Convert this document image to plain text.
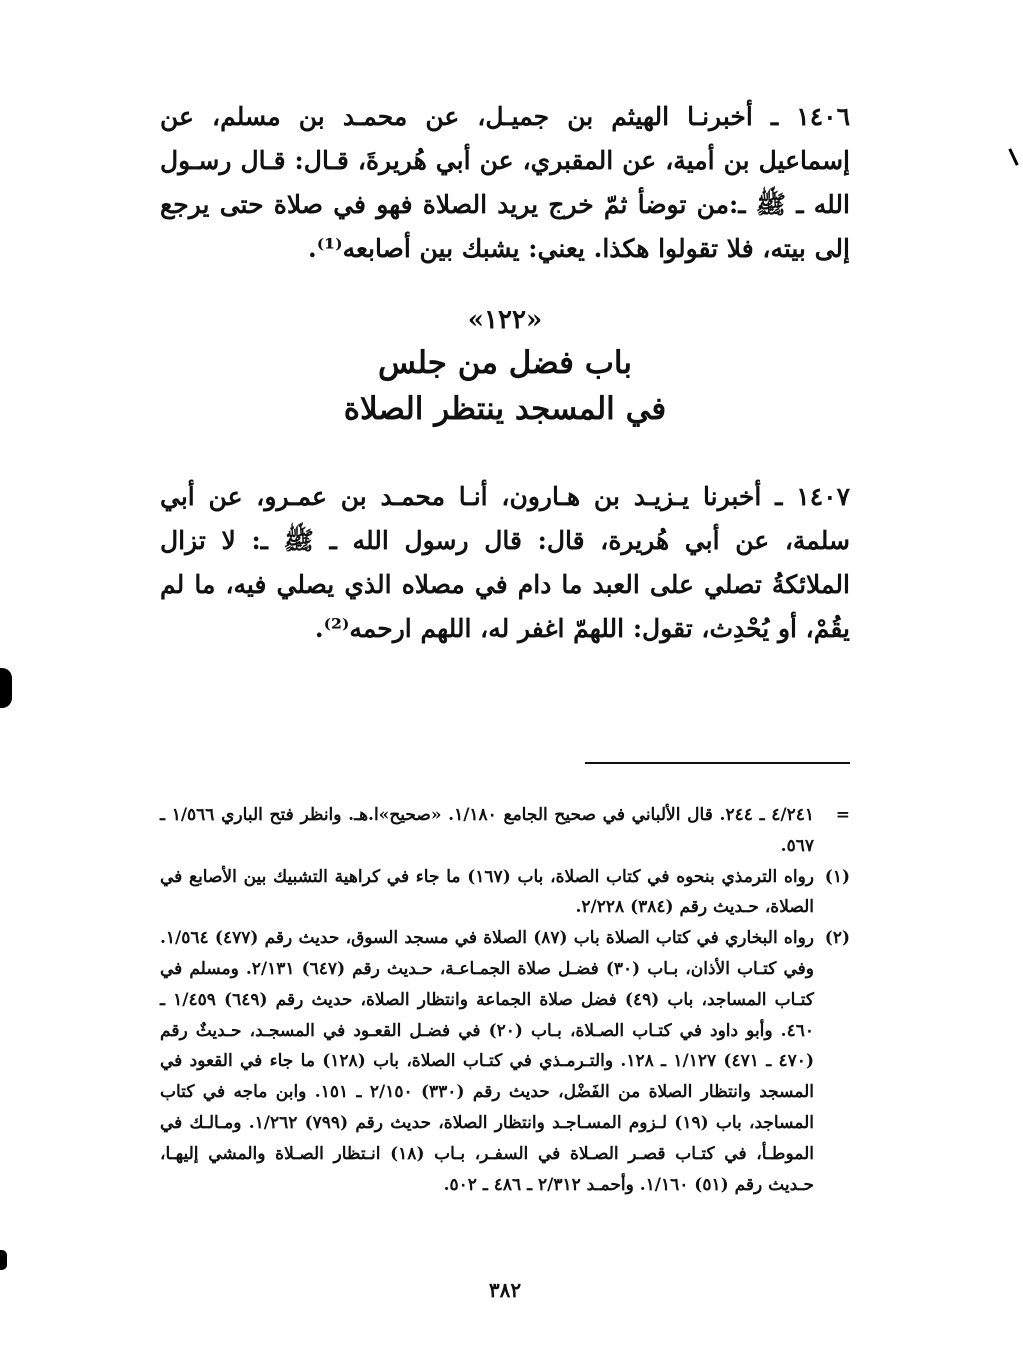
١٤٠٦ ـ أخبرنـا الهيثم بن جميـل، عن محمـد بن مسلم، عن إسماعيل بن أمية، عن المقبري، عن أبي هُريرةَ، قـال: قـال رسـول الله ـ ﷺ ـ:من توضأ ثمّ خرج يريد الصلاة فهو في صلاة حتى يرجع إلى بيته، فلا تقولوا هكذا. يعني: يشبك بين أصابعه⁽¹⁾.

«١٢٢»
باب فضل من جلس
في المسجد ينتظر الصلاة

١٤٠٧ ـ أخبرنا يـزيـد بن هـارون، أنـا محمـد بن عمـرو، عن أبي سلمة، عن أبي هُريرة، قال: قال رسول الله ـ ﷺ ـ: لا تزال الملائكةُ تصلي على العبد ما دام في مصلاه الذي يصلي فيه، ما لم يقُمْ، أو يُحْدِث، تقول: اللهمّ اغفر له، اللهم ارحمه⁽²⁾.

=
٤/٢٤١ ـ ٢٤٤. قال الألباني في صحيح الجامع ١/١٨٠. «صحيح»ا.هـ. وانظر فتح الباري ١/٥٦٦ ـ ٥٦٧.
(١)
رواه الترمذي بنحوه في كتاب الصلاة، باب (١٦٧) ما جاء في كراهية التشبيك بين الأصابع في الصلاة، حـديث رقم (٣٨٤) ٢/٢٢٨.
(٢)
رواه البخاري في كتاب الصلاة باب (٨٧) الصلاة في مسجد السوق، حديث رقم (٤٧٧) ١/٥٦٤. وفي كتـاب الأذان، بـاب (٣٠) فضـل صلاة الجمـاعـة، حـديث رقم (٦٤٧) ٢/١٣١. ومسلم في كتـاب المساجد، باب (٤٩) فضل صلاة الجماعة وانتظار الصلاة، حديث رقم (٦٤٩) ١/٤٥٩ ـ ٤٦٠. وأبو داود في كتـاب الصـلاة، بـاب (٢٠) في فضـل القعـود في المسجـد، حـديثٌ رقم (٤٧٠ ـ ٤٧١) ١/١٢٧ ـ ١٢٨. والتـرمـذي في كتـاب الصلاة، باب (١٢٨) ما جاء في القعود في المسجد وانتظار الصلاة من الفَضْل، حديث رقم (٣٣٠) ٢/١٥٠ ـ ١٥١. وابن ماجه في كتاب المساجد، باب (١٩) لـزوم المسـاجـد وانتظار الصلاة، حديث رقم (٧٩٩) ١/٢٦٢. ومـالـك في الموطـأ، في كتـاب قصـر الصـلاة في السفـر، بـاب (١٨) انـتظار الصـلاة والمشي إليهـا، حـديث رقم (٥١) ١/١٦٠. وأحمـد ٢/٣١٢ ـ ٤٨٦ ـ ٥٠٢.
٣٨٢
